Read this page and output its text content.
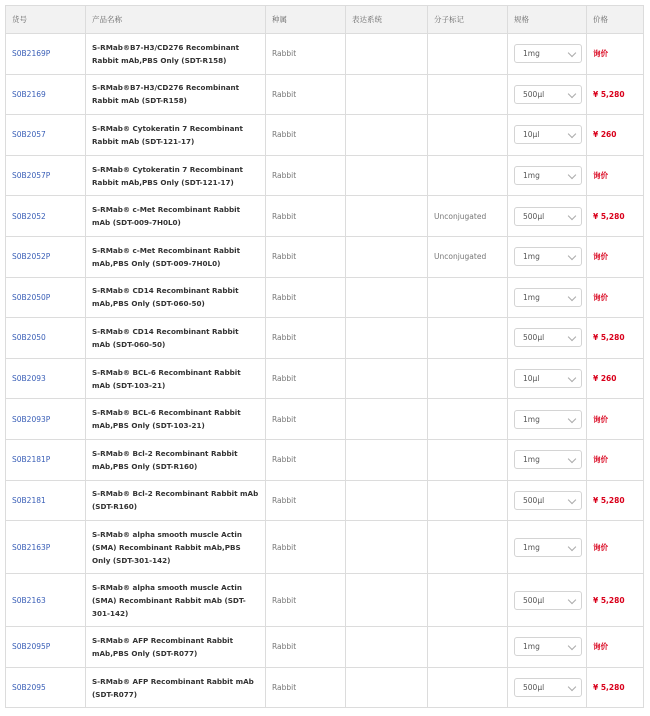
货号	产品名称	种属	表达系统	分子标记	规格	价格
S0B2169P	S-RMab®B7-H3/CD276 Recombinant Rabbit mAb,PBS Only (SDT-R158)	Rabbit			1mg	询价
S0B2169	S-RMab®B7-H3/CD276 Recombinant Rabbit mAb (SDT-R158)	Rabbit			500μl	¥ 5,280
S0B2057	S-RMab® Cytokeratin 7 Recombinant Rabbit mAb (SDT-121-17)	Rabbit			10μl	¥ 260
S0B2057P	S-RMab® Cytokeratin 7 Recombinant Rabbit mAb,PBS Only (SDT-121-17)	Rabbit			1mg	询价
S0B2052	S-RMab® c-Met Recombinant Rabbit mAb (SDT-009-7H0L0)	Rabbit		Unconjugated	500μl	¥ 5,280
S0B2052P	S-RMab® c-Met Recombinant Rabbit mAb,PBS Only (SDT-009-7H0L0)	Rabbit		Unconjugated	1mg	询价
S0B2050P	S-RMab® CD14 Recombinant Rabbit mAb,PBS Only (SDT-060-50)	Rabbit			1mg	询价
S0B2050	S-RMab® CD14 Recombinant Rabbit mAb (SDT-060-50)	Rabbit			500μl	¥ 5,280
S0B2093	S-RMab® BCL-6 Recombinant Rabbit mAb (SDT-103-21)	Rabbit			10μl	¥ 260
S0B2093P	S-RMab® BCL-6 Recombinant Rabbit mAb,PBS Only (SDT-103-21)	Rabbit			1mg	询价
S0B2181P	S-RMab® Bcl-2 Recombinant Rabbit mAb,PBS Only (SDT-R160)	Rabbit			1mg	询价
S0B2181	S-RMab® Bcl-2 Recombinant Rabbit mAb (SDT-R160)	Rabbit			500μl	¥ 5,280
S0B2163P	S-RMab® alpha smooth muscle Actin (SMA) Recombinant Rabbit mAb,PBS Only (SDT-301-142)	Rabbit			1mg	询价
S0B2163	S-RMab® alpha smooth muscle Actin (SMA) Recombinant Rabbit mAb (SDT-301-142)	Rabbit			500μl	¥ 5,280
S0B2095P	S-RMab® AFP Recombinant Rabbit mAb,PBS Only (SDT-R077)	Rabbit			1mg	询价
S0B2095	S-RMab® AFP Recombinant Rabbit mAb (SDT-R077)	Rabbit			500μl	¥ 5,280
